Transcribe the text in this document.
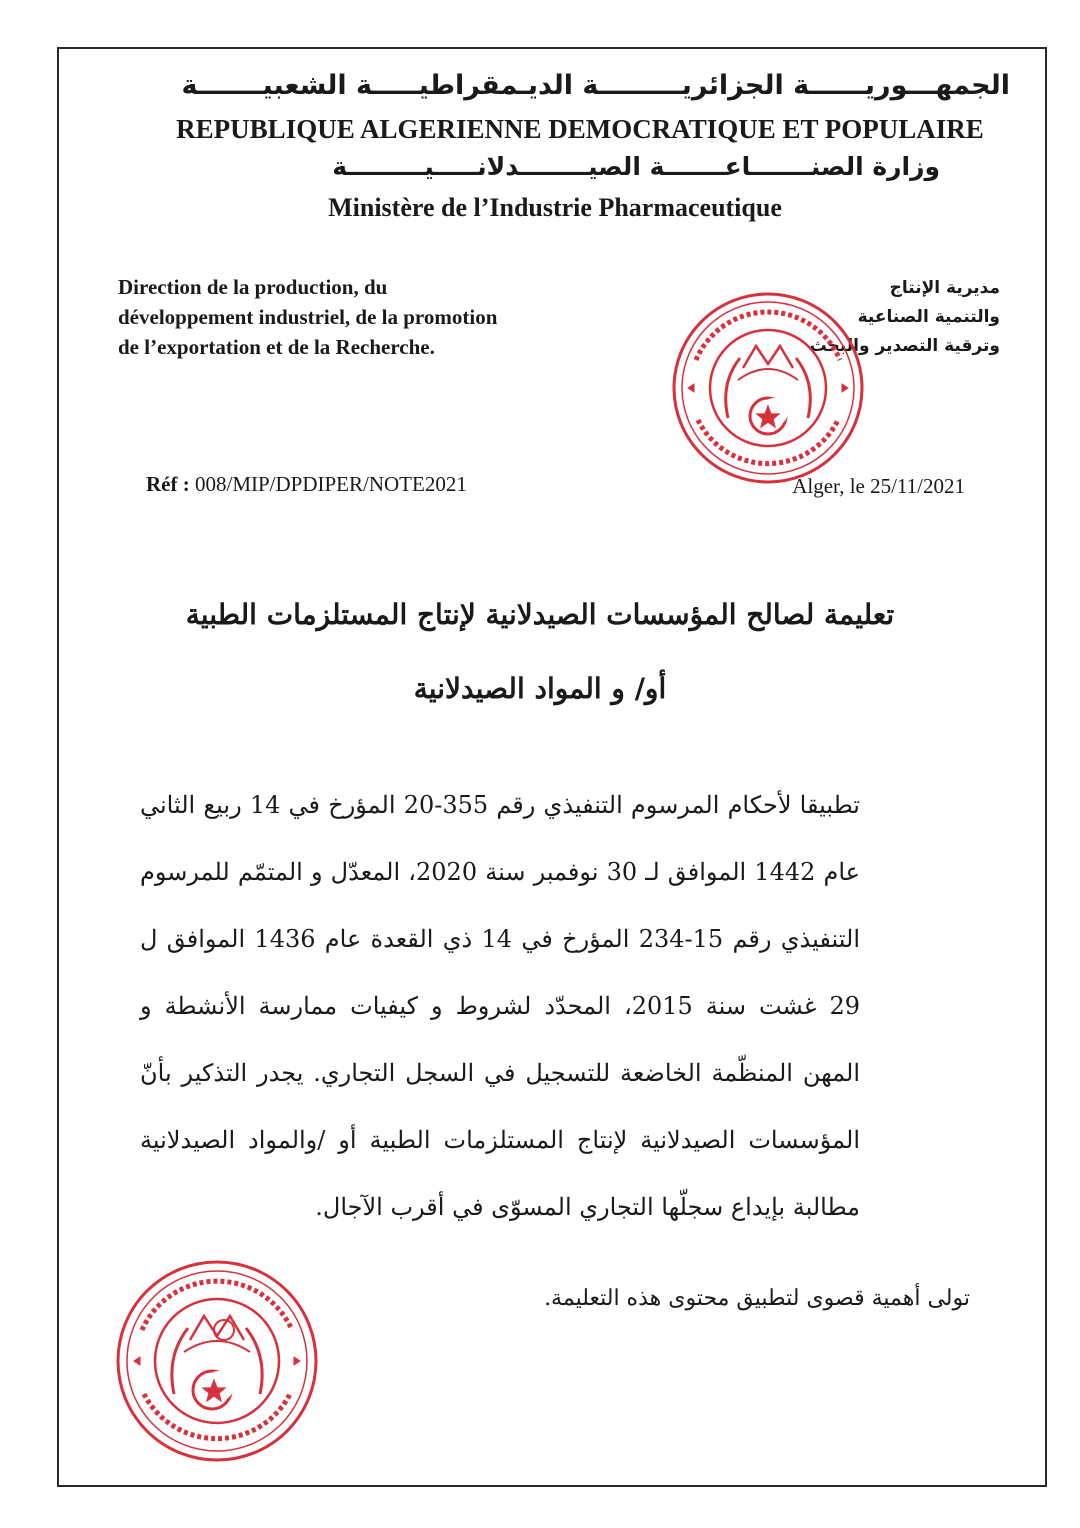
الجمهـــوريــــــة الجزائريـــــــــة الديـمقراطيـــــة الشعبيـــــــة
REPUBLIQUE ALGERIENNE DEMOCRATIQUE ET POPULAIRE
وزارة الصنـــــــاعـــــــة الصيــــــــدلانـــــيـــــــــة
Ministère de l’Industrie Pharmaceutique
Direction de la production, du développement industriel, de la promotion de l’exportation et de la Recherche.
مديرية الإنتاج
والتنمية الصناعية
وترقية التصدير والبحث
Réf : 008/MIP/DPDIPER/NOTE2021	Alger, le 25/11/2021
تعليمة لصالح المؤسسات الصيدلانية لإنتاج المستلزمات الطبية
أو/ و المواد الصيدلانية
تطبيقا لأحكام المرسوم التنفيذي رقم 355-20 المؤرخ في 14 ربيع الثاني عام 1442 الموافق لـ 30 نوفمبر سنة 2020، المعدّل و المتمّم للمرسوم التنفيذي رقم 15-234 المؤرخ في 14 ذي القعدة عام 1436 الموافق ل 29 غشت سنة 2015، المحدّد لشروط و كيفيات ممارسة الأنشطة و المهن المنظّمة الخاضعة للتسجيل في السجل التجاري. يجدر التذكير بأنّ المؤسسات الصيدلانية لإنتاج المستلزمات الطبية أو /والمواد الصيدلانية مطالبة بإيداع سجلّها التجاري المسوّى في أقرب الآجال.
تولى أهمية قصوى لتطبيق محتوى هذه التعليمة.
